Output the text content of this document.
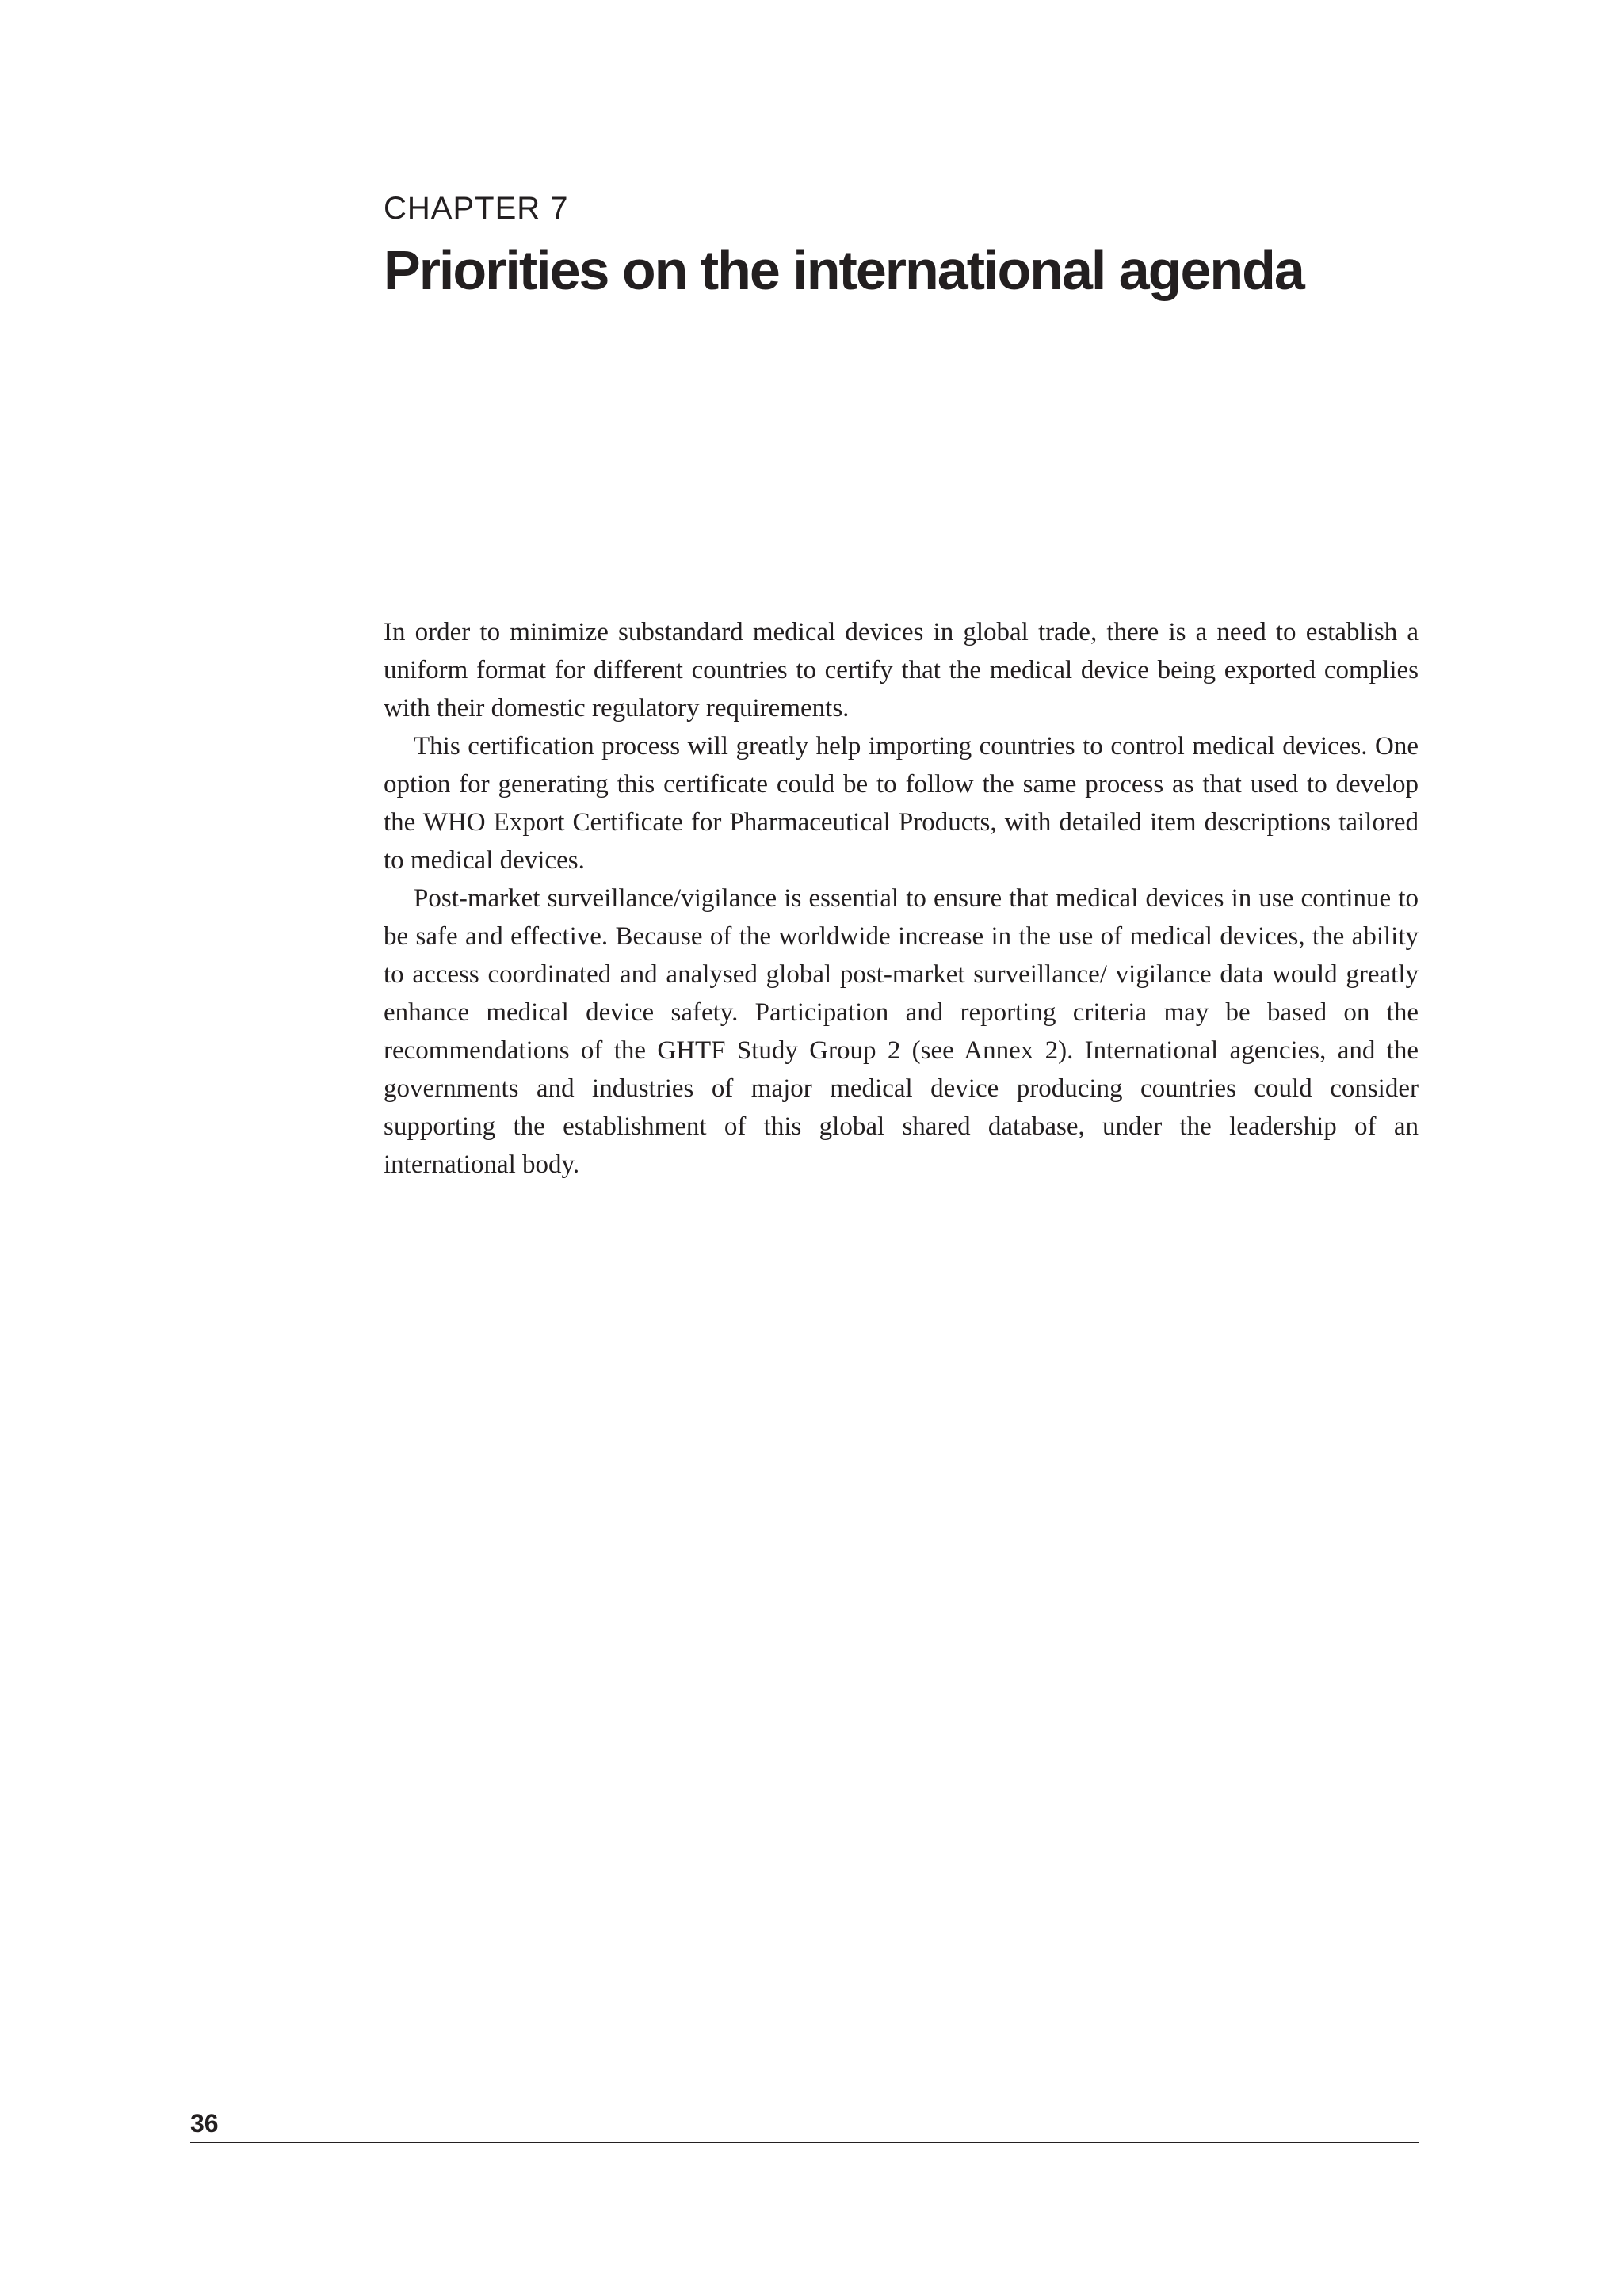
CHAPTER 7
Priorities on the international agenda

In order to minimize substandard medical devices in global trade, there is a need to establish a uniform format for different countries to certify that the medical device being exported complies with their domestic regulatory requirements.

This certification process will greatly help importing countries to control medical devices. One option for generating this certificate could be to follow the same process as that used to develop the WHO Export Certificate for Pharmaceutical Products, with detailed item descriptions tailored to medical devices.

Post-market surveillance/vigilance is essential to ensure that medical devices in use continue to be safe and effective. Because of the worldwide increase in the use of medical devices, the ability to access coordinated and analysed global post-market surveillance/ vigilance data would greatly enhance medical device safety. Participation and reporting criteria may be based on the recommendations of the GHTF Study Group 2 (see Annex 2). International agencies, and the governments and industries of major medical device producing countries could consider supporting the establishment of this global shared database, under the leadership of an international body.

36
